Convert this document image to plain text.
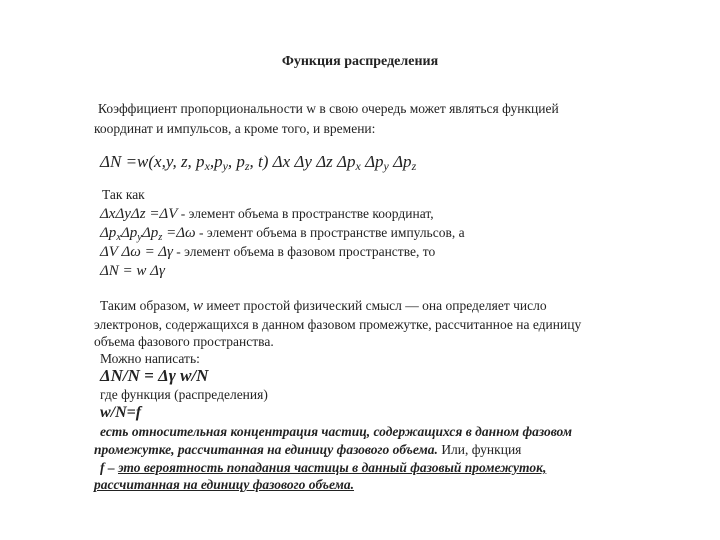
Функция распределения
Коэффициент пропорциональности w в свою очередь может являться функцией
координат и импульсов, а кроме того, и времени:
ΔN =w(x,y, z, $p_x,p_y$, $p_z$, t) Δx Δy Δz $\Delta p_x$ $\Delta p_y$ $\Delta p_z$
Так как
ΔxΔyΔz =ΔV - элемент объема в пространстве координат,
$\Delta p_x\Delta p_y\Delta p_z =\Delta\omega$ - элемент объема в пространстве импульсов, а
ΔV Δω = Δγ - элемент объема в фазовом пространстве, то
ΔN = w Δγ
Таким образом, w имеет простой физический смысл — она определяет число
электронов, содержащихся в данном фазовом промежутке, рассчитанное на единицу
объема фазового пространства.
Можно написать:
ΔN/N = Δγ w/N
где функция (распределения)
w/N=f
есть относительная концентрация частиц, содержащихся в данном фазовом
промежутке, рассчитанная на единицу фазового объема. Или, функция
f – это вероятность попадания частицы в данный фазовый промежуток,
рассчитанная на единицу фазового объема.
